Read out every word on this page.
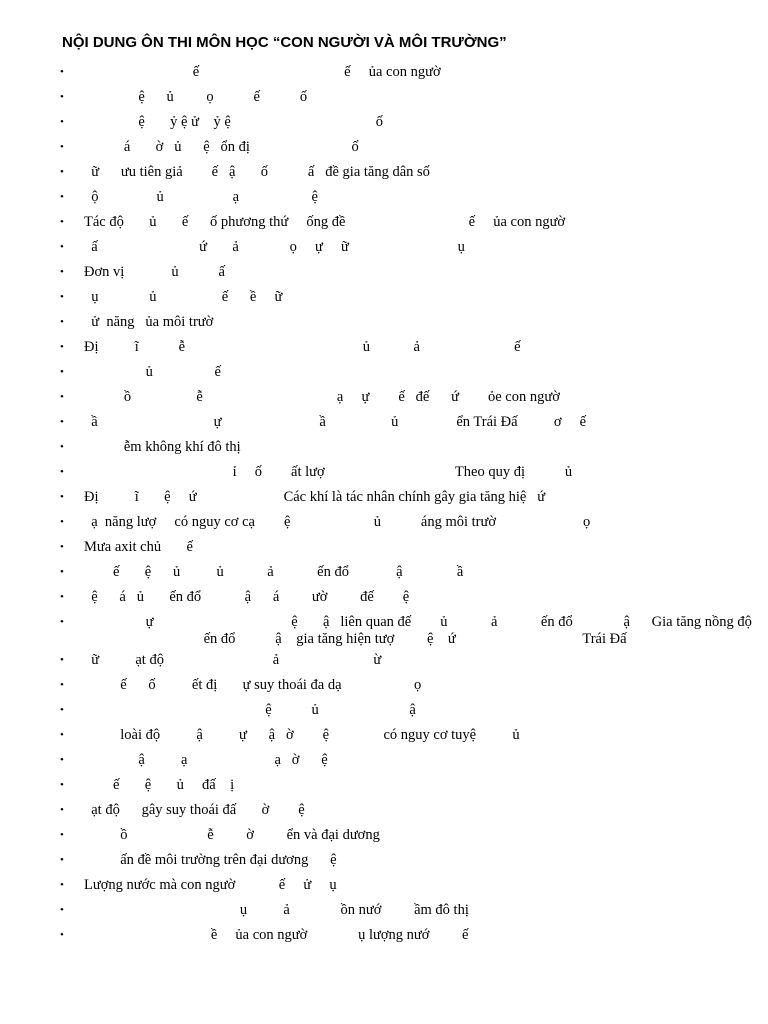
NỘI DUNG ÔN THI MÔN HỌC “CON NGƯỜI VÀ MÔI TRƯỜNG”
• ế                                        ế     ủa con ngườ
• ệ      ủ         ọ           ế           ố
• ệ       ỷ ệ ử    ỷ ệ                                        ố
• á       ờ   ủ      ệ   ổn đị                            ố
• ữ      ưu tiên giả        ế   ậ       ố           ấ   đề gia tăng dân số
• ộ                ủ                   ạ                    ệ
• Tác độ       ủ       ế      ố phương thứ     ống đề                                  ế     ủa con ngườ
• ấ                            ứ       ả              ọ     ự     ữ                              ụ
• Đơn vị             ủ           ấ
• ụ              ủ                  ế      ề     ữ
• ử  năng   ủa môi trườ
• Đị          ĩ           ễ                                                 ủ            ả                          ế
• ủ                 ế
• ồ                  ễ                                     ạ     ự        ế   đế      ứ        ỏe con ngườ
• ầ                                ự                           ầ                  ủ                ển Trái Đấ          ơ     ế
• ễm không khí đô thị
• ỉ     ố        ất lượ                                    Theo quy đị           ủ
• Đị          ĩ       ệ     ứ                        Các khí là tác nhân chính gây gia tăng hiệ   ứ
• ạ  năng lượ     có nguy cơ cạ        ệ                       ủ           áng môi trườ                        ọ
• Mưa axit chủ       ế
• ế       ệ      ủ          ủ            ả            ến đổ             ậ               ầ
• ệ      á   ủ       ến đổ            ậ      á         ườ         đế        ệ
•	ự                                      ệ       ậ   liên quan đế        ủ            ả            ến đổ              ậ      Gia tăng nồng độ
ến đổ           ậ    gia tăng hiện tượ         ệ    ứ                                   Trái Đấ
• ữ          ạt độ                              ả                          ừ
• ế      ố          ết đị       ự suy thoái đa dạ                    ọ
• ệ           ủ                         ậ
• loài độ          ậ          ự      ậ   ờ        ệ               có nguy cơ tuyệ          ủ
• ậ          ạ                        ạ   ờ      ệ
• ế       ệ       ủ     đấ    ị
• ạt độ      gây suy thoái đấ       ờ        ệ
• ồ                      ễ         ờ         ển và đại dương
• ấn đề môi trường trên đại dương      ệ
• Lượng nước mà con ngườ            ế     ử     ụ
• ụ          ả              ồn nướ         ầm đô thị
• ề     ủa con ngườ              ụ lượng nướ         ế
